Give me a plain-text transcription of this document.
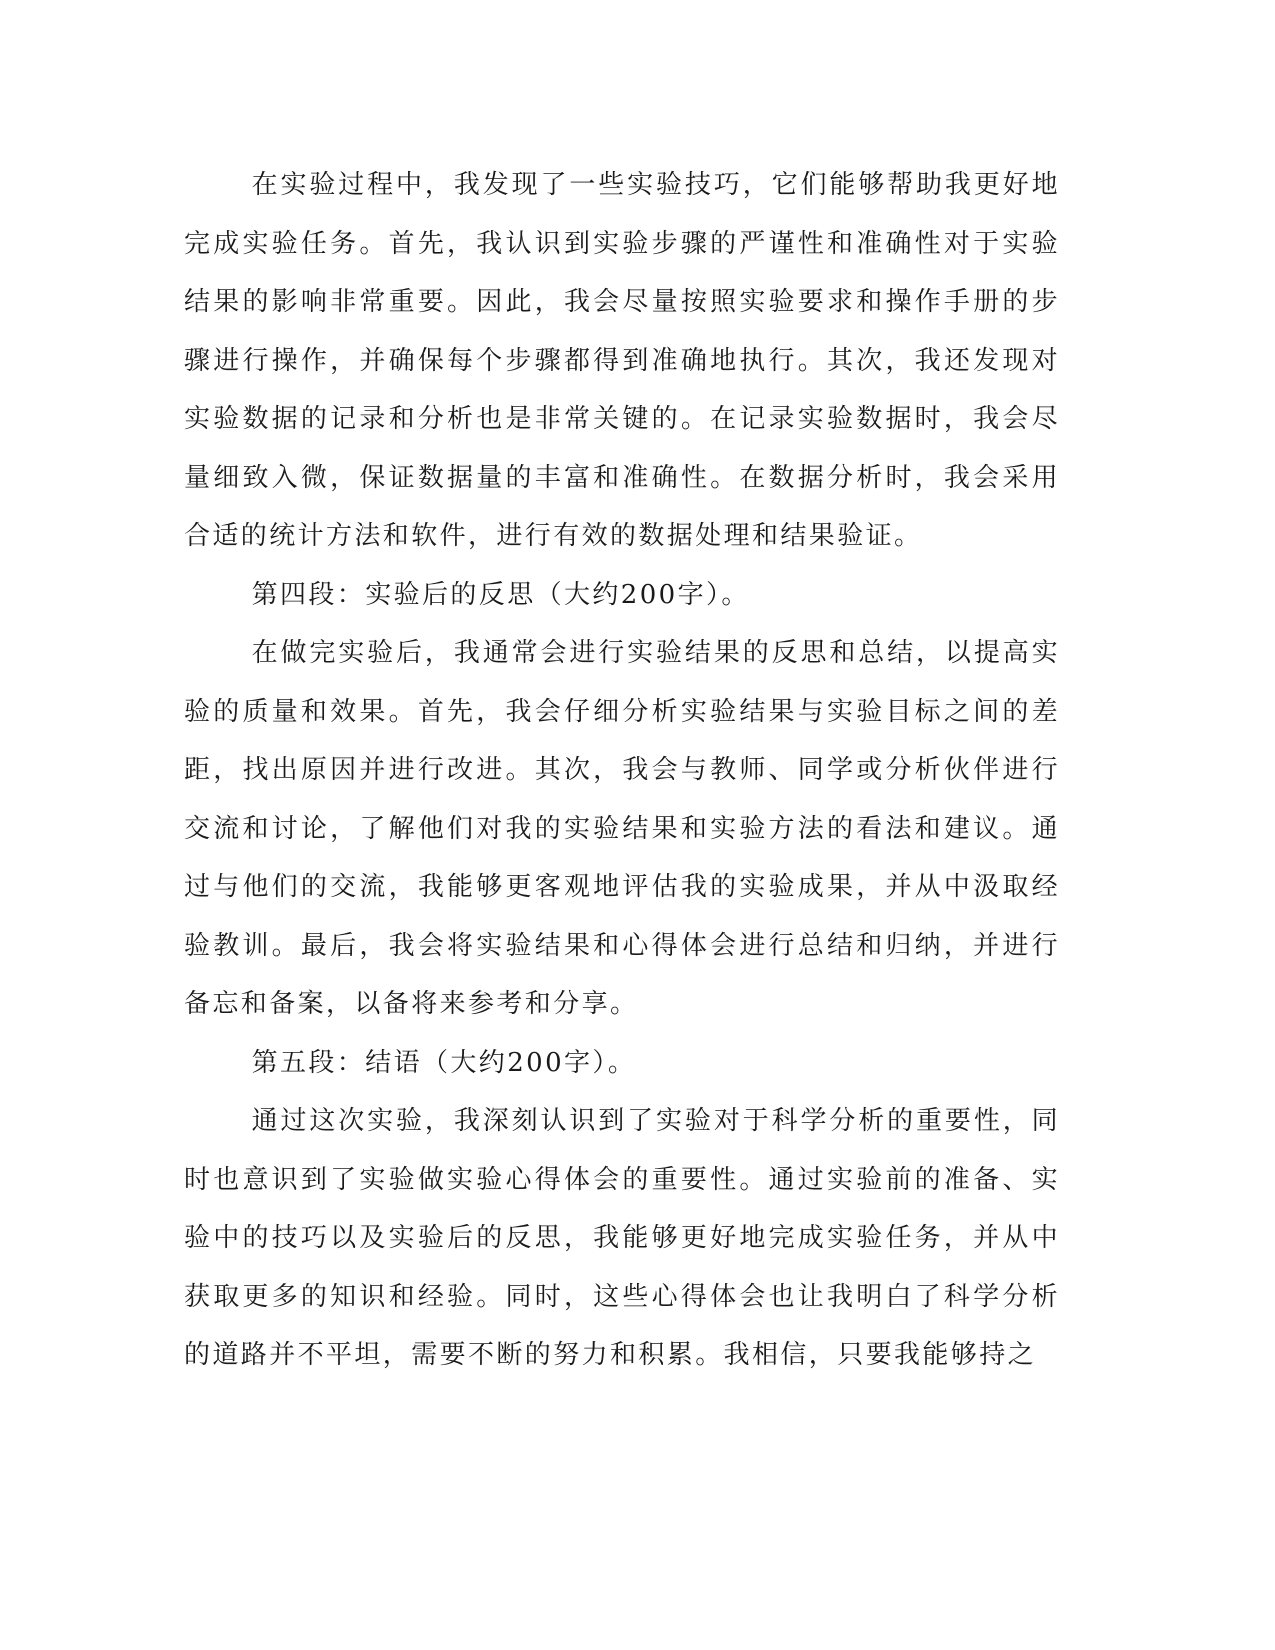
在实验过程中，我发现了一些实验技巧，它们能够帮助我更好地完成实验任务。首先，我认识到实验步骤的严谨性和准确性对于实验结果的影响非常重要。因此，我会尽量按照实验要求和操作手册的步骤进行操作，并确保每个步骤都得到准确地执行。其次，我还发现对实验数据的记录和分析也是非常关键的。在记录实验数据时，我会尽量细致入微，保证数据量的丰富和准确性。在数据分析时，我会采用合适的统计方法和软件，进行有效的数据处理和结果验证。

第四段：实验后的反思（大约200字）。

在做完实验后，我通常会进行实验结果的反思和总结，以提高实验的质量和效果。首先，我会仔细分析实验结果与实验目标之间的差距，找出原因并进行改进。其次，我会与教师、同学或分析伙伴进行交流和讨论，了解他们对我的实验结果和实验方法的看法和建议。通过与他们的交流，我能够更客观地评估我的实验成果，并从中汲取经验教训。最后，我会将实验结果和心得体会进行总结和归纳，并进行备忘和备案，以备将来参考和分享。

第五段：结语（大约200字）。

通过这次实验，我深刻认识到了实验对于科学分析的重要性，同时也意识到了实验做实验心得体会的重要性。通过实验前的准备、实验中的技巧以及实验后的反思，我能够更好地完成实验任务，并从中获取更多的知识和经验。同时，这些心得体会也让我明白了科学分析的道路并不平坦，需要不断的努力和积累。我相信，只要我能够持之
